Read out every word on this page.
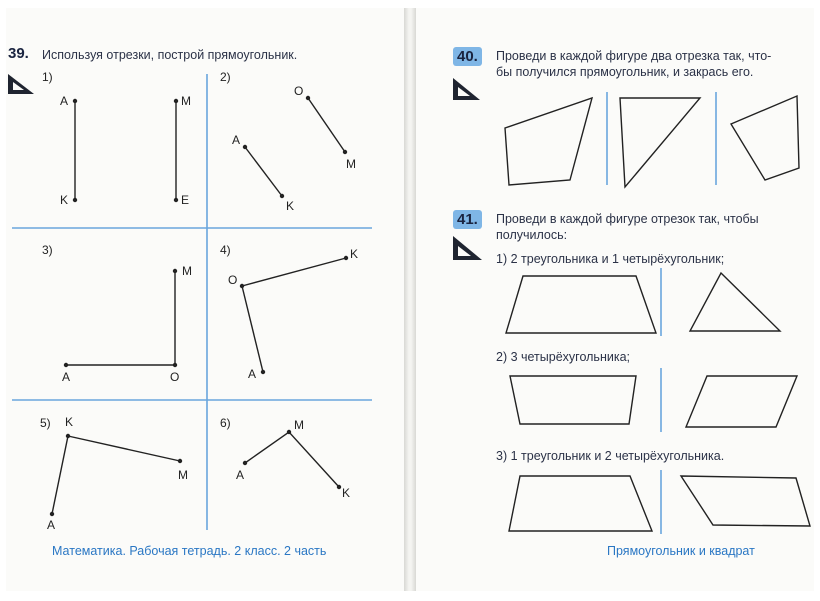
39.	Используя отрезки, построй прямоугольник.
1)	2)
3)	4)
5)	6)
A	M
K	E
O
A
M
K
M
A	O
K
O
A
K
M
A
M
A
K
Математика. Рабочая тетрадь. 2 класс. 2 часть
40.	Проведи в каждой фигуре два отрезка так, что-
бы получился прямоугольник, и закрась его.
41.	Проведи в каждой фигуре отрезок так, чтобы
получилось:
1) 2 треугольника и 1 четырёхугольник;
2) 3 четырёхугольника;
3) 1 треугольник и 2 четырёхугольника.
Прямоугольник и квадрат
